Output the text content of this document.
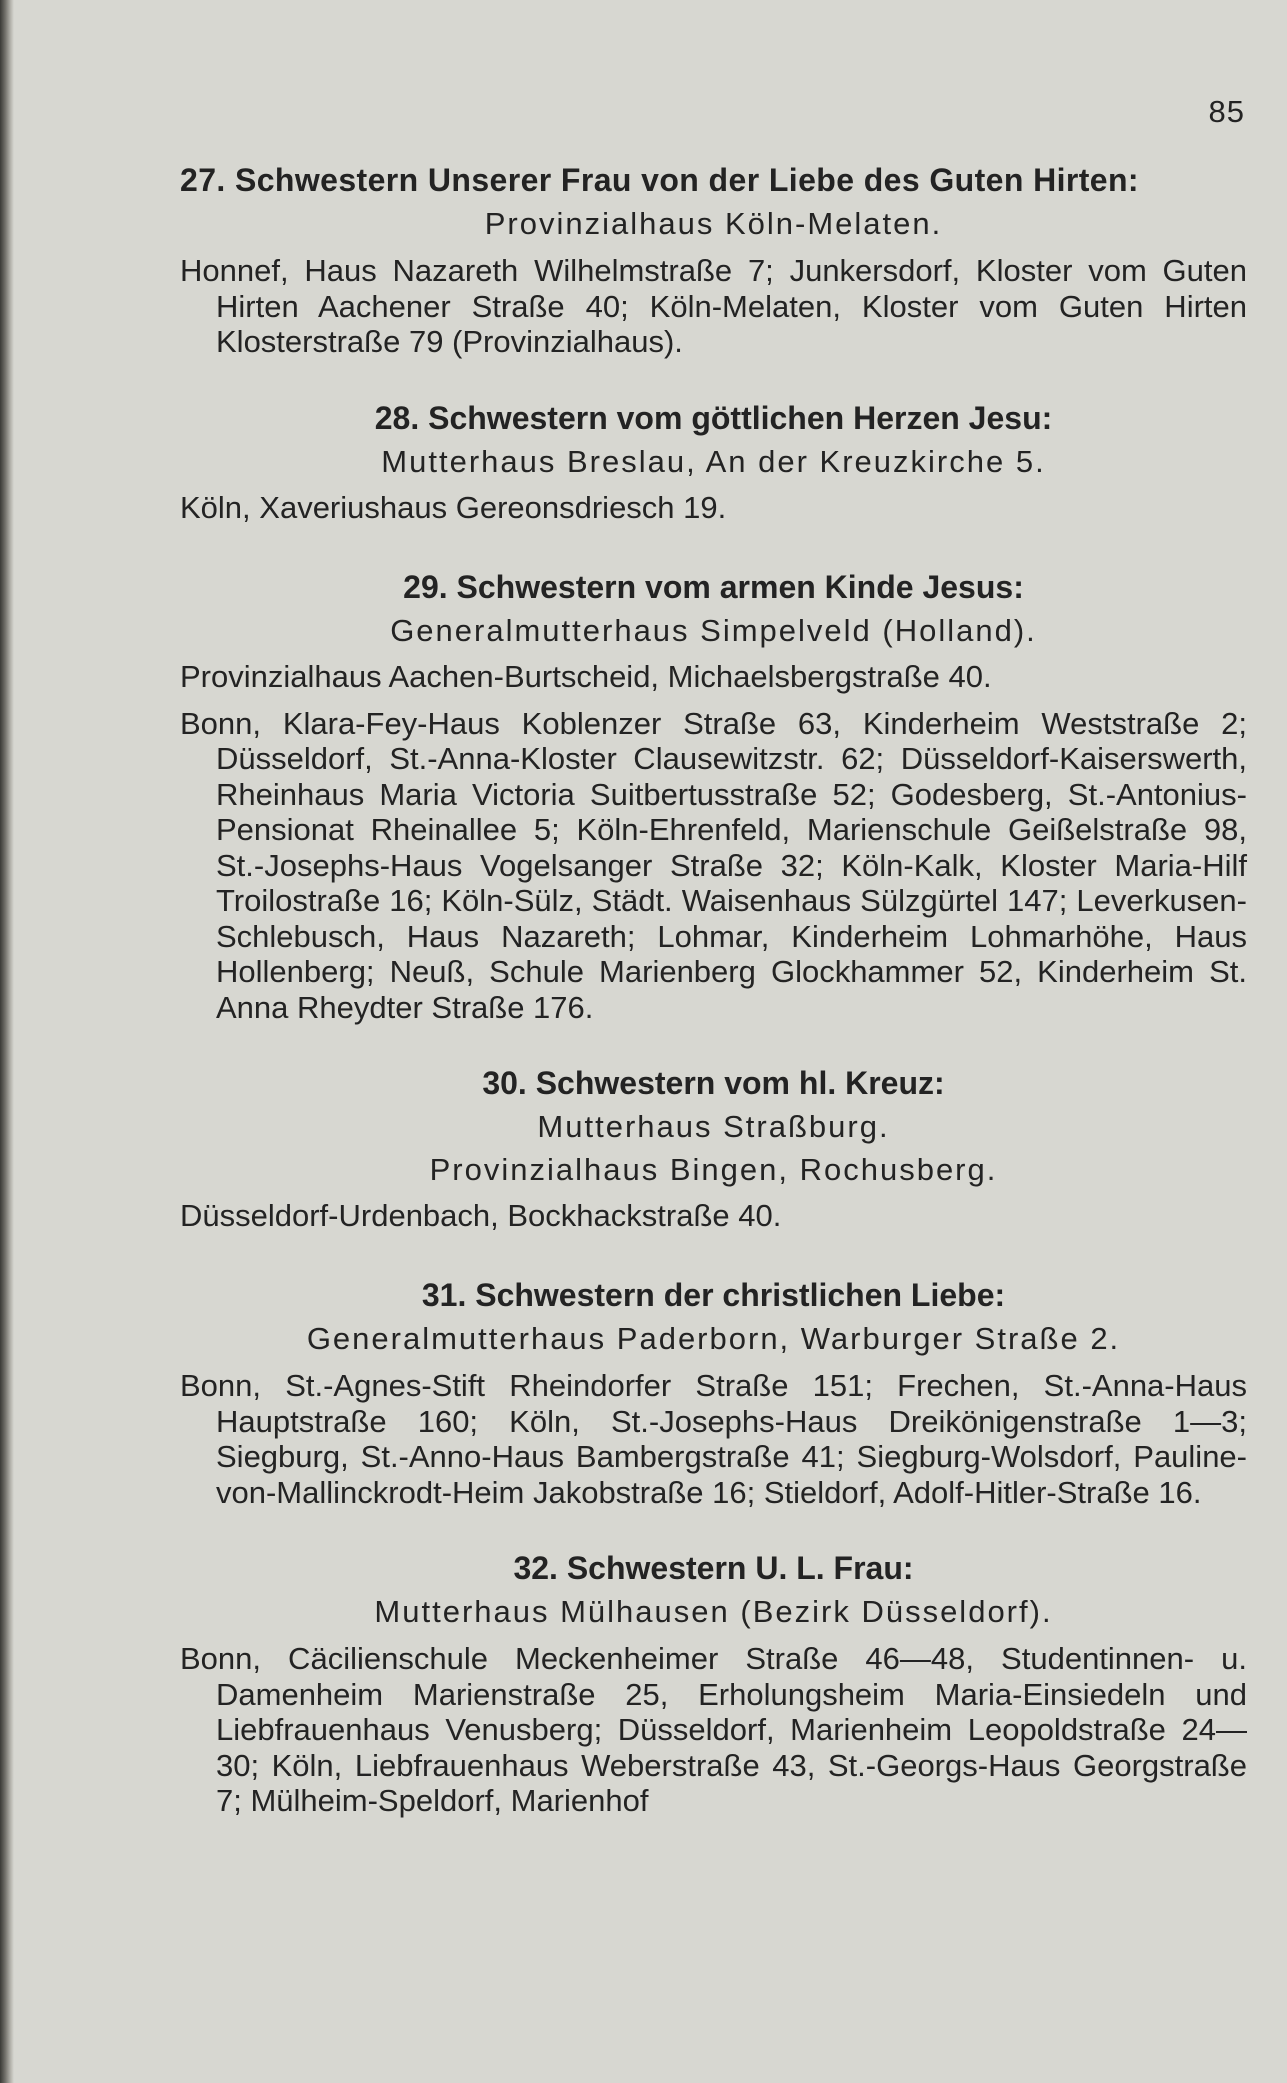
85
27. Schwestern Unserer Frau von der Liebe des Guten Hirten:
Provinzialhaus Köln-Melaten.
Honnef, Haus Nazareth Wilhelmstraße 7; Junkersdorf, Kloster vom Guten Hirten Aachener Straße 40; Köln-Melaten, Kloster vom Guten Hirten Klosterstraße 79 (Provinzialhaus).
28. Schwestern vom göttlichen Herzen Jesu:
Mutterhaus Breslau, An der Kreuzkirche 5.
Köln, Xaveriushaus Gereonsdriesch 19.
29. Schwestern vom armen Kinde Jesus:
Generalmutterhaus Simpelveld (Holland).
Provinzialhaus Aachen-Burtscheid, Michaelsbergstraße 40.
Bonn, Klara-Fey-Haus Koblenzer Straße 63, Kinderheim Weststraße 2; Düsseldorf, St.-Anna-Kloster Clausewitzstr. 62; Düsseldorf-Kaiserswerth, Rheinhaus Maria Victoria Suitbertusstraße 52; Godesberg, St.-Antonius-Pensionat Rheinallee 5; Köln-Ehrenfeld, Marienschule Geißelstraße 98, St.-Josephs-Haus Vogelsanger Straße 32; Köln-Kalk, Kloster Maria-Hilf Troilostraße 16; Köln-Sülz, Städt. Waisenhaus Sülzgürtel 147; Leverkusen-Schlebusch, Haus Nazareth; Lohmar, Kinderheim Lohmarhöhe, Haus Hollenberg; Neuß, Schule Marienberg Glockhammer 52, Kinderheim St. Anna Rheydter Straße 176.
30. Schwestern vom hl. Kreuz:
Mutterhaus Straßburg.
Provinzialhaus Bingen, Rochusberg.
Düsseldorf-Urdenbach, Bockhackstraße 40.
31. Schwestern der christlichen Liebe:
Generalmutterhaus Paderborn, Warburger Straße 2.
Bonn, St.-Agnes-Stift Rheindorfer Straße 151; Frechen, St.-Anna-Haus Hauptstraße 160; Köln, St.-Josephs-Haus Dreikönigenstraße 1—3; Siegburg, St.-Anno-Haus Bambergstraße 41; Siegburg-Wolsdorf, Pauline-von-Mallinckrodt-Heim Jakobstraße 16; Stieldorf, Adolf-Hitler-Straße 16.
32. Schwestern U. L. Frau:
Mutterhaus Mülhausen (Bezirk Düsseldorf).
Bonn, Cäcilienschule Meckenheimer Straße 46—48, Studentinnen- u. Damenheim Marienstraße 25, Erholungsheim Maria-Einsiedeln und Liebfrauenhaus Venusberg; Düsseldorf, Marienheim Leopoldstraße 24—30; Köln, Liebfrauenhaus Weberstraße 43, St.-Georgs-Haus Georgstraße 7; Mülheim-Speldorf, Marienhof
